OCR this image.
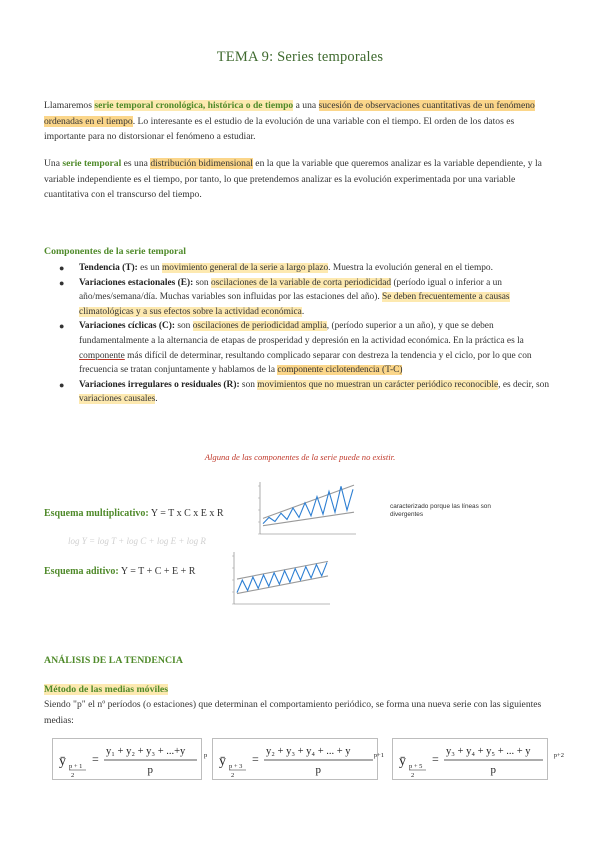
TEMA 9: Series temporales

Llamaremos serie temporal cronológica, histórica o de tiempo a una sucesión de observaciones cuantitativas de un fenómeno ordenadas en el tiempo. Lo interesante es el estudio de la evolución de una variable con el tiempo. El orden de los datos es importante para no distorsionar el fenómeno a estudiar.

Una serie temporal es una distribución bidimensional en la que la variable que queremos analizar es la variable dependiente, y la variable independiente es el tiempo, por tanto, lo que pretendemos analizar es la evolución experimentada por una variable cuantitativa con el transcurso del tiempo.

Componentes de la serie temporal
● Tendencia (T): es un movimiento general de la serie a largo plazo. Muestra la evolución general en el tiempo.
● Variaciones estacionales (E): son oscilaciones de la variable de corta periodicidad (período igual o inferior a un año/mes/semana/día. Muchas variables son influidas por las estaciones del año). Se deben frecuentemente a causas climatológicas y a sus efectos sobre la actividad económica.
● Variaciones cíclicas (C): son oscilaciones de periodicidad amplia, (período superior a un año), y que se deben fundamentalmente a la alternancia de etapas de prosperidad y depresión en la actividad económica. En la práctica es la componente más difícil de determinar, resultando complicado separar con destreza la tendencia y el ciclo, por lo que con frecuencia se tratan conjuntamente y hablamos de la componente ciclotendencia (T-C)
● Variaciones irregulares o residuales (R): son movimientos que no muestran un carácter periódico reconocible, es decir, son variaciones causales.
Alguna de las componentes de la serie puede no existir.
Esquema multiplicativo: Y = T x C x E x R
log Y = log T + log C + log E + log R
caracterizado porque las líneas son divergentes
Esquema aditivo: Y = T + C + E + R
ANÁLISIS DE LA TENDENCIA
Método de las medias móviles

Siendo "p" el nº períodos (o estaciones) que determinan el comportamiento periódico, se forma una nueva serie con las siguientes medias:

ȳ p + 1
2
=
y₁ + y₂ + y₃ + ...+y	p
p
ȳ p + 3
2
=
y₂ + y₃ + y₄ + ... + y	p+1
p
ȳ p + 5
2
=
y₃ + y₄ + y₅ + ... + y	p+2
p
